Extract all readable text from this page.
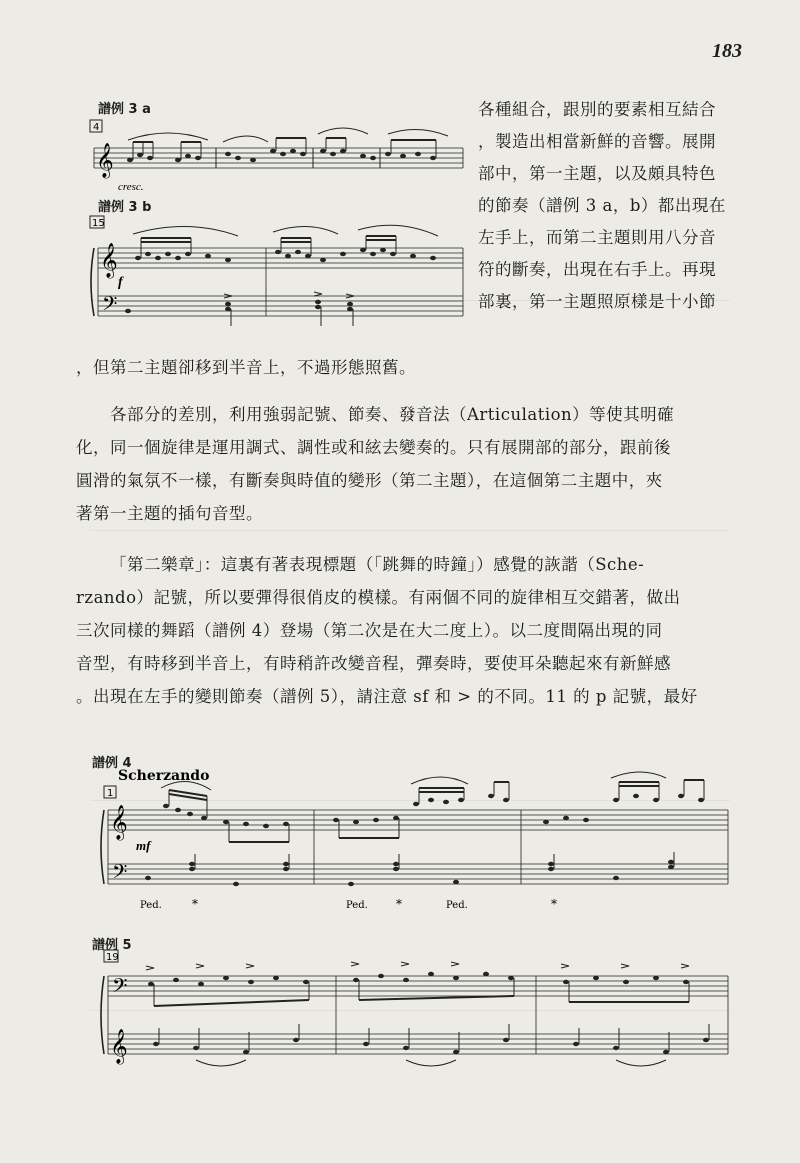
183
譜例 3 a
4
𝄞
cresc.
譜例 3 b
15
𝄞
𝄢
f
各種組合，跟別的要素相互結合
，製造出相當新鮮的音響。展開
部中，第一主題，以及頗具特色
的節奏（譜例 3 a，b）都出現在
左手上，而第二主題則用八分音
符的斷奏，出現在右手上。再現
部裏，第一主題照原樣是十小節
，但第二主題卻移到半音上，不過形態照舊。
各部分的差別，利用強弱記號、節奏、發音法（Articulation）等使其明確
化，同一個旋律是運用調式、調性或和絃去變奏的。只有展開部的部分，跟前後
圓滑的氣氛不一樣，有斷奏與時值的變形（第二主題），在這個第二主題中，夾
著第一主題的插句音型。
「第二樂章」：這裏有著表現標題（「跳舞的時鐘」）感覺的詼諧（Sche-
rzando）記號，所以要彈得很俏皮的模樣。有兩個不同的旋律相互交錯著，做出
三次同樣的舞蹈（譜例 4）登場（第二次是在大二度上）。以二度間隔出現的同
音型，有時移到半音上，有時稍許改變音程，彈奏時，要使耳朵聽起來有新鮮感
。出現在左手的變則節奏（譜例 5），請注意 sf 和 > 的不同。11 的 p 記號，最好
譜例 4
Scherzando
1
𝄞
𝄢
mf
Ped.	*	Ped. *	Ped.	*
譜例 5
19
𝄢
𝄞
